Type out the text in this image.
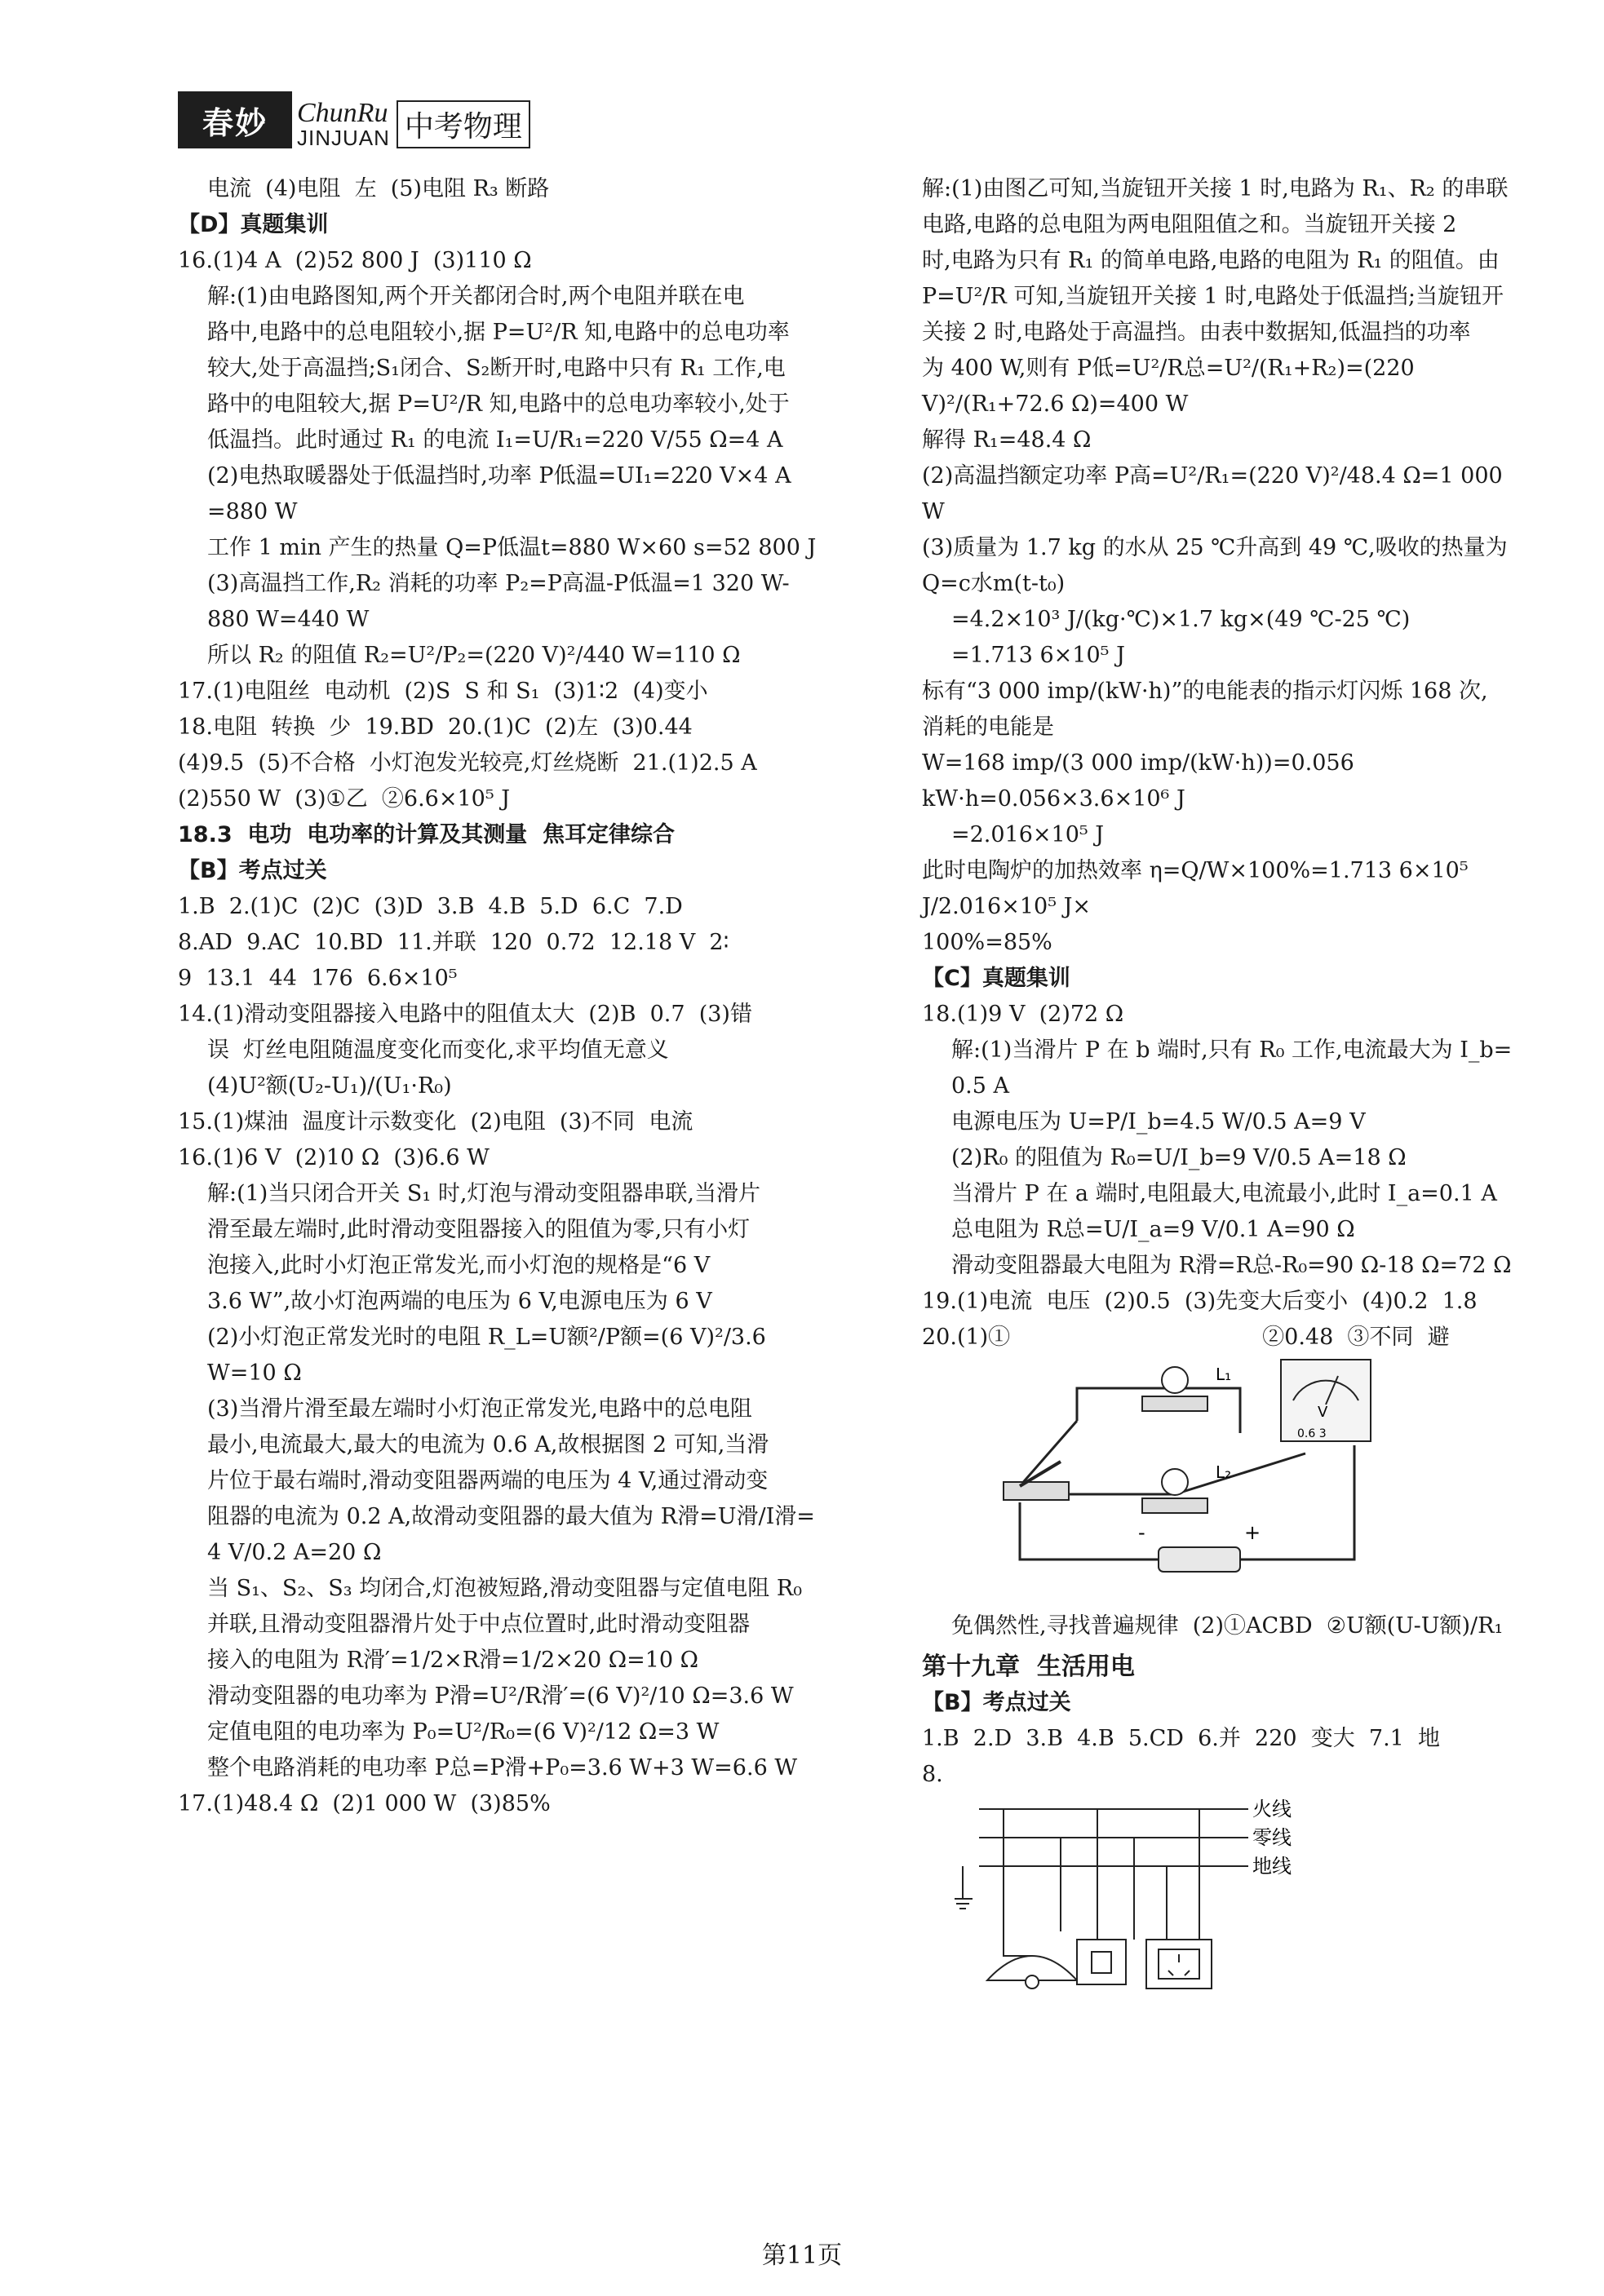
春妙	ChunRu
JINJUAN 中考物理
电流  (4)电阻  左  (5)电阻 R₃ 断路
【D】真题集训
16.(1)4 A  (2)52 800 J  (3)110 Ω
解:(1)由电路图知,两个开关都闭合时,两个电阻并联在电
路中,电路中的总电阻较小,据 P=U²/R 知,电路中的总电功率
较大,处于高温挡;S₁闭合、S₂断开时,电路中只有 R₁ 工作,电
路中的电阻较大,据 P=U²/R 知,电路中的总电功率较小,处于
低温挡。此时通过 R₁ 的电流 I₁=U/R₁=220 V/55 Ω=4 A
(2)电热取暖器处于低温挡时,功率 P低温=UI₁=220 V×4 A
=880 W
工作 1 min 产生的热量 Q=P低温t=880 W×60 s=52 800 J
(3)高温挡工作,R₂ 消耗的功率 P₂=P高温-P低温=1 320 W-
880 W=440 W
所以 R₂ 的阻值 R₂=U²/P₂=(220 V)²/440 W=110 Ω
17.(1)电阻丝  电动机  (2)S  S 和 S₁  (3)1∶2  (4)变小
18.电阻  转换  少  19.BD  20.(1)C  (2)左  (3)0.44
(4)9.5  (5)不合格  小灯泡发光较亮,灯丝烧断  21.(1)2.5 A
(2)550 W  (3)①乙  ②6.6×10⁵ J
18.3  电功  电功率的计算及其测量  焦耳定律综合
【B】考点过关
1.B  2.(1)C  (2)C  (3)D  3.B  4.B  5.D  6.C  7.D
8.AD  9.AC  10.BD  11.并联  120  0.72  12.18 V  2∶
9  13.1  44  176  6.6×10⁵
14.(1)滑动变阻器接入电路中的阻值太大  (2)B  0.7  (3)错
误  灯丝电阻随温度变化而变化,求平均值无意义
(4)U²额(U₂-U₁)/(U₁·R₀)
15.(1)煤油  温度计示数变化  (2)电阻  (3)不同  电流
16.(1)6 V  (2)10 Ω  (3)6.6 W
解:(1)当只闭合开关 S₁ 时,灯泡与滑动变阻器串联,当滑片
滑至最左端时,此时滑动变阻器接入的阻值为零,只有小灯
泡接入,此时小灯泡正常发光,而小灯泡的规格是“6 V
3.6 W”,故小灯泡两端的电压为 6 V,电源电压为 6 V
(2)小灯泡正常发光时的电阻 R_L=U额²/P额=(6 V)²/3.6 W=10 Ω
(3)当滑片滑至最左端时小灯泡正常发光,电路中的总电阻
最小,电流最大,最大的电流为 0.6 A,故根据图 2 可知,当滑
片位于最右端时,滑动变阻器两端的电压为 4 V,通过滑动变
阻器的电流为 0.2 A,故滑动变阻器的最大值为 R滑=U滑/I滑=
4 V/0.2 A=20 Ω
当 S₁、S₂、S₃ 均闭合,灯泡被短路,滑动变阻器与定值电阻 R₀
并联,且滑动变阻器滑片处于中点位置时,此时滑动变阻器
接入的电阻为 R滑′=1/2×R滑=1/2×20 Ω=10 Ω
滑动变阻器的电功率为 P滑=U²/R滑′=(6 V)²/10 Ω=3.6 W
定值电阻的电功率为 P₀=U²/R₀=(6 V)²/12 Ω=3 W
整个电路消耗的电功率 P总=P滑+P₀=3.6 W+3 W=6.6 W
17.(1)48.4 Ω  (2)1 000 W  (3)85%
解:(1)由图乙可知,当旋钮开关接 1 时,电路为 R₁、R₂ 的串联
电路,电路的总电阻为两电阻阻值之和。当旋钮开关接 2
时,电路为只有 R₁ 的简单电路,电路的电阻为 R₁ 的阻值。由
P=U²/R 可知,当旋钮开关接 1 时,电路处于低温挡;当旋钮开
关接 2 时,电路处于高温挡。由表中数据知,低温挡的功率
为 400 W,则有 P低=U²/R总=U²/(R₁+R₂)=(220 V)²/(R₁+72.6 Ω)=400 W
解得 R₁=48.4 Ω
(2)高温挡额定功率 P高=U²/R₁=(220 V)²/48.4 Ω=1 000 W
(3)质量为 1.7 kg 的水从 25 ℃升高到 49 ℃,吸收的热量为
Q=c水m(t-t₀)
=4.2×10³ J/(kg·℃)×1.7 kg×(49 ℃-25 ℃)
=1.713 6×10⁵ J
标有“3 000 imp/(kW·h)”的电能表的指示灯闪烁 168 次,
消耗的电能是
W=168 imp/(3 000 imp/(kW·h))=0.056 kW·h=0.056×3.6×10⁶ J
=2.016×10⁵ J
此时电陶炉的加热效率 η=Q/W×100%=1.713 6×10⁵ J/2.016×10⁵ J×
100%=85%
【C】真题集训
18.(1)9 V  (2)72 Ω
解:(1)当滑片 P 在 b 端时,只有 R₀ 工作,电流最大为 I_b=
0.5 A
电源电压为 U=P/I_b=4.5 W/0.5 A=9 V
(2)R₀ 的阻值为 R₀=U/I_b=9 V/0.5 A=18 Ω
当滑片 P 在 a 端时,电阻最大,电流最小,此时 I_a=0.1 A
总电阻为 R总=U/I_a=9 V/0.1 A=90 Ω
滑动变阻器最大电阻为 R滑=R总-R₀=90 Ω-18 Ω=72 Ω
19.(1)电流  电压  (2)0.5  (3)先变大后变小  (4)0.2  1.8
20.(1)①                                    ②0.48  ③不同  避
L₁
L₂
V
0.6 3
-	+
免偶然性,寻找普遍规律  (2)①ACBD  ②U额(U-U额)/R₁
第十九章  生活用电
【B】考点过关
1.B  2.D  3.B  4.B  5.CD  6.并  220  变大  7.1  地
8.
火线
零线
地线
第11页
